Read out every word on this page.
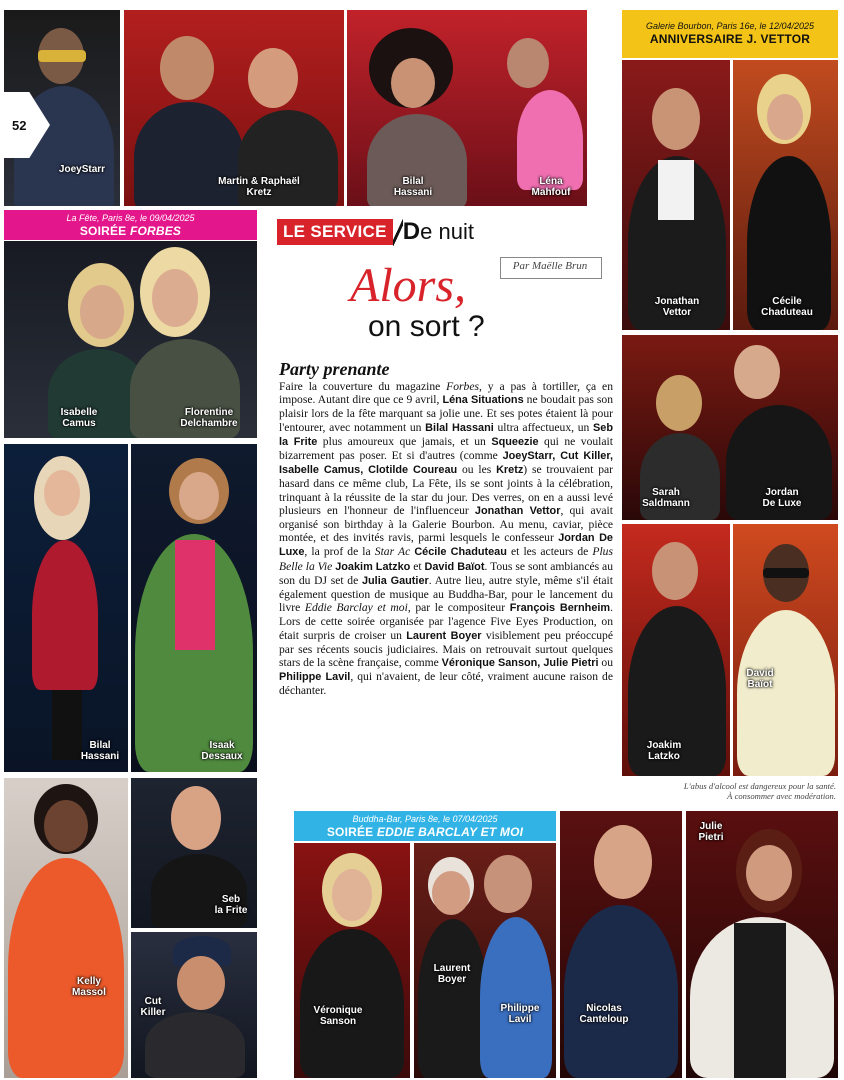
JoeyStarr
52
Martin & Raphaël
Kretz
Bilal
Hassani
Léna
Mahfouf
Galerie Bourbon, Paris 16e, le 12/04/2025
ANNIVERSAIRE J. VETTOR
Jonathan
Vettor
Cécile
Chaduteau
Sarah
Saldmann
Jordan
De Luxe
Joakim
Latzko
David
Baïot
L'abus d'alcool est dangereux pour la santé.
À consommer avec modération.
La Fête, Paris 8e, le 09/04/2025
SOIRÉE FORBES
Isabelle
Camus
Florentine
Delchambre
Bilal
Hassani
Isaak
Dessaux
Kelly
Massol
Seb
la Frite
Cut
Killer
LE SERVICE D e nuit
Par Maëlle Brun
Alors,
on sort ?
Party prenante
Faire la couverture du magazine Forbes, y a pas à tortiller, ça en impose. Autant dire que ce 9 avril, Léna Situations ne boudait pas son plaisir lors de la fête marquant sa jolie une. Et ses potes étaient là pour l'entourer, avec notamment un Bilal Hassani ultra affectueux, un Seb la Frite plus amoureux que jamais, et un Squeezie qui ne voulait bizarrement pas poser. Et si d'autres (comme JoeyStarr, Cut Killer, Isabelle Camus, Clotilde Coureau ou les Kretz) se trouvaient par hasard dans ce même club, La Fête, ils se sont joints à la célébration, trinquant à la réussite de la star du jour. Des verres, on en a aussi levé plusieurs en l'honneur de l'influenceur Jonathan Vettor, qui avait organisé son birthday à la Galerie Bourbon. Au menu, caviar, pièce montée, et des invités ravis, parmi lesquels le confesseur Jordan De Luxe, la prof de la Star Ac Cécile Chaduteau et les acteurs de Plus Belle la Vie Joakim Latzko et David Baïot. Tous se sont ambiancés au son du DJ set de Julia Gautier. Autre lieu, autre style, même s'il était également question de musique au Buddha-Bar, pour le lancement du livre Eddie Barclay et moi, par le compositeur François Bernheim. Lors de cette soirée organisée par l'agence Five Eyes Production, on était surpris de croiser un Laurent Boyer visiblement peu préoccupé par ses récents soucis judiciaires. Mais on retrouvait surtout quelques stars de la scène française, comme Véronique Sanson, Julie Pietri ou Philippe Lavil, qui n'avaient, de leur côté, vraiment aucune raison de déchanter.
Buddha-Bar, Paris 8e, le 07/04/2025
SOIRÉE EDDIE BARCLAY ET MOI
Véronique
Sanson
Laurent
Boyer
Philippe
Lavil
Nicolas
Canteloup
Julie
Pietri
